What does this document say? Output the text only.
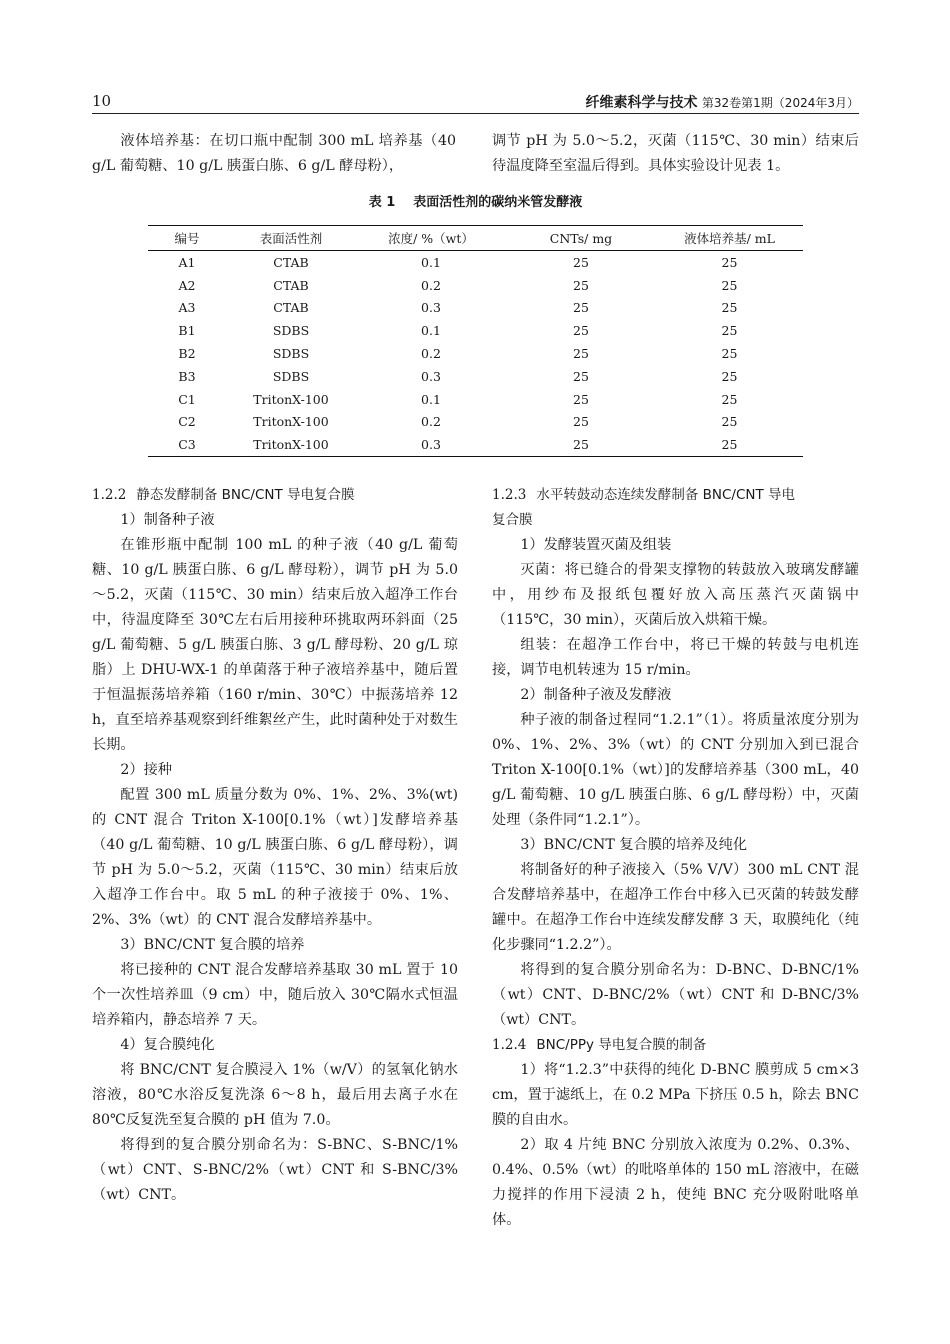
10	纤维素科学与技术 第32卷第1期（2024年3月）

液体培养基：在切口瓶中配制 300 mL 培养基（40 g/L 葡萄糖、10 g/L 胰蛋白胨、6 g/L 酵母粉），

调节 pH 为 5.0～5.2，灭菌（115℃、30 min）结束后待温度降至室温后得到。具体实验设计见表 1。

表 1 表面活性剂的碳纳米管发酵液
编号	表面活性剂	浓度/ %（wt）	CNTs/ mg	液体培养基/ mL
A1	CTAB	0.1	25	25
A2	CTAB	0.2	25	25
A3	CTAB	0.3	25	25
B1	SDBS	0.1	25	25
B2	SDBS	0.2	25	25
B3	SDBS	0.3	25	25
C1	TritonX-100	0.1	25	25
C2	TritonX-100	0.2	25	25
C3	TritonX-100	0.3	25	25

1.2.2 静态发酵制备 BNC/CNT 导电复合膜

1）制备种子液

在锥形瓶中配制 100 mL 的种子液（40 g/L 葡萄糖、10 g/L 胰蛋白胨、6 g/L 酵母粉），调节 pH 为 5.0～5.2，灭菌（115℃、30 min）结束后放入超净工作台中，待温度降至 30℃左右后用接种环挑取两环斜面（25 g/L 葡萄糖、5 g/L 胰蛋白胨、3 g/L 酵母粉、20 g/L 琼脂）上 DHU-WX-1 的单菌落于种子液培养基中，随后置于恒温振荡培养箱（160 r/min、30℃）中振荡培养 12 h，直至培养基观察到纤维絮丝产生，此时菌种处于对数生长期。

2）接种

配置 300 mL 质量分数为 0%、1%、2%、3%(wt) 的 CNT 混合 Triton X-100[0.1%（wt）]发酵培养基（40 g/L 葡萄糖、10 g/L 胰蛋白胨、6 g/L 酵母粉），调节 pH 为 5.0～5.2，灭菌（115℃、30 min）结束后放入超净工作台中。取 5 mL 的种子液接于 0%、1%、2%、3%（wt）的 CNT 混合发酵培养基中。

3）BNC/CNT 复合膜的培养

将已接种的 CNT 混合发酵培养基取 30 mL 置于 10 个一次性培养皿（9 cm）中，随后放入 30℃隔水式恒温培养箱内，静态培养 7 天。

4）复合膜纯化

将 BNC/CNT 复合膜浸入 1%（w/V）的氢氧化钠水溶液，80℃水浴反复洗涤 6～8 h，最后用去离子水在 80℃反复洗至复合膜的 pH 值为 7.0。

将得到的复合膜分别命名为：S-BNC、S-BNC/1%（wt）CNT、S-BNC/2%（wt）CNT 和 S-BNC/3%（wt）CNT。

1.2.3 水平转鼓动态连续发酵制备 BNC/CNT 导电

复合膜

1）发酵装置灭菌及组装

灭菌：将已缝合的骨架支撑物的转鼓放入玻璃发酵罐中，用纱布及报纸包覆好放入高压蒸汽灭菌锅中（115℃，30 min），灭菌后放入烘箱干燥。

组装：在超净工作台中，将已干燥的转鼓与电机连接，调节电机转速为 15 r/min。

2）制备种子液及发酵液

种子液的制备过程同“1.2.1”（1）。将质量浓度分别为 0%、1%、2%、3%（wt）的 CNT 分别加入到已混合 Triton X-100[0.1%（wt）]的发酵培养基（300 mL，40 g/L 葡萄糖、10 g/L 胰蛋白胨、6 g/L 酵母粉）中，灭菌处理（条件同“1.2.1”）。

3）BNC/CNT 复合膜的培养及纯化

将制备好的种子液接入（5% V/V）300 mL CNT 混合发酵培养基中，在超净工作台中移入已灭菌的转鼓发酵罐中。在超净工作台中连续发酵发酵 3 天，取膜纯化（纯化步骤同“1.2.2”）。

将得到的复合膜分别命名为：D-BNC、D-BNC/1%（wt）CNT、D-BNC/2%（wt）CNT 和 D-BNC/3%（wt）CNT。

1.2.4 BNC/PPy 导电复合膜的制备

1）将“1.2.3”中获得的纯化 D-BNC 膜剪成 5 cm×3 cm，置于滤纸上，在 0.2 MPa 下挤压 0.5 h，除去 BNC 膜的自由水。

2）取 4 片纯 BNC 分别放入浓度为 0.2%、0.3%、0.4%、0.5%（wt）的吡咯单体的 150 mL 溶液中，在磁力搅拌的作用下浸渍 2 h，使纯 BNC 充分吸附吡咯单体。
